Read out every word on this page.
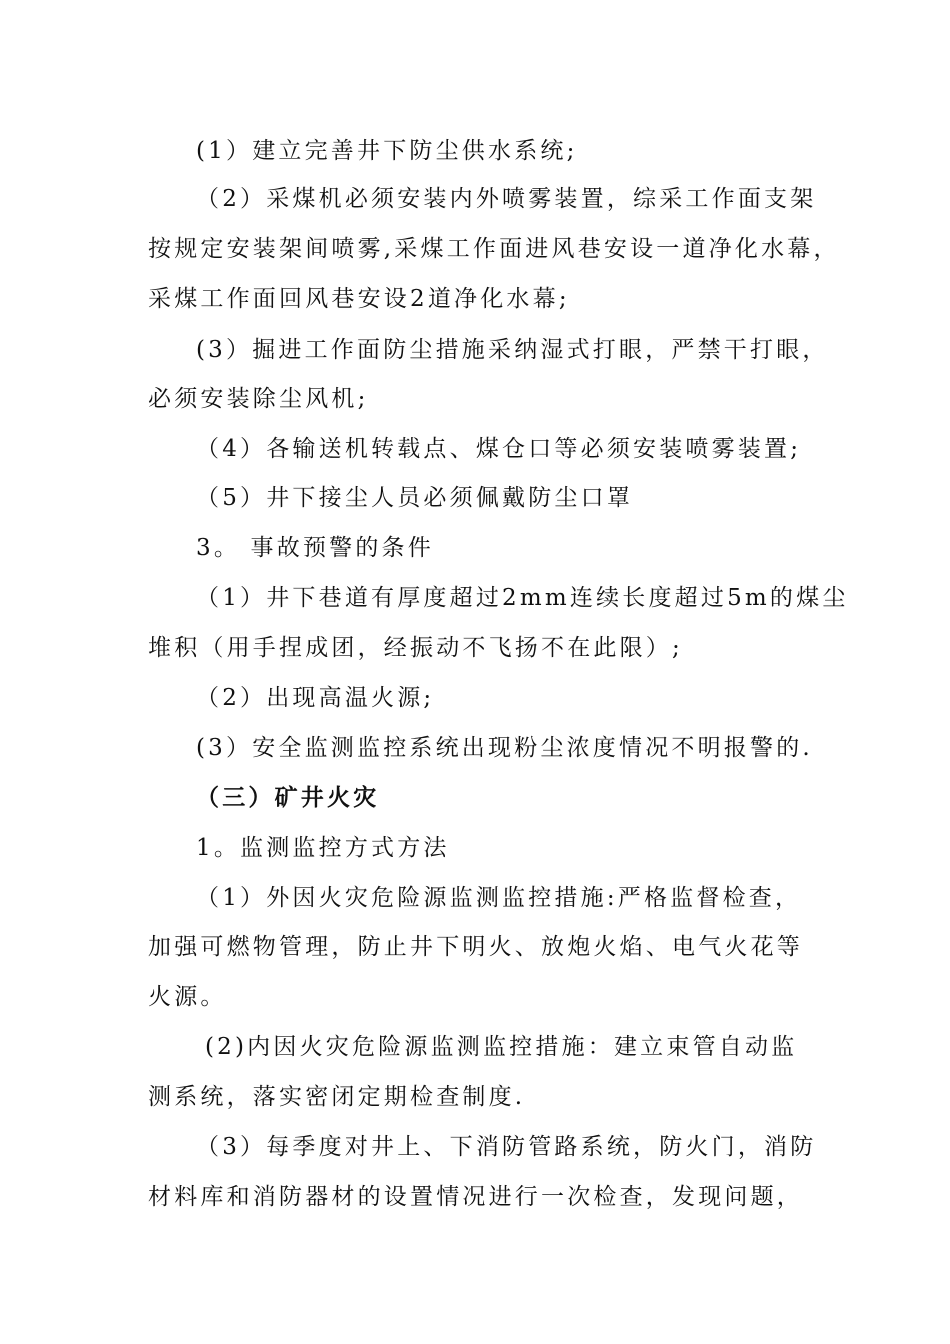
(1）建立完善井下防尘供水系统;
（2）采煤机必须安装内外喷雾装置，综采工作面支架
按规定安装架间喷雾,采煤工作面进风巷安设一道净化水幕，
采煤工作面回风巷安设2道净化水幕;
(3）掘进工作面防尘措施采纳湿式打眼，严禁干打眼，
必须安装除尘风机;
（4）各输送机转载点、煤仓口等必须安装喷雾装置;
（5）井下接尘人员必须佩戴防尘口罩
3。 事故预警的条件
（1）井下巷道有厚度超过2mm连续长度超过5m的煤尘
堆积（用手捏成团，经振动不飞扬不在此限）;
（2）出现高温火源;
(3）安全监测监控系统出现粉尘浓度情况不明报警的.
（三）矿井火灾
1。监测监控方式方法
（1）外因火灾危险源监测监控措施:严格监督检查，
加强可燃物管理，防止井下明火、放炮火焰、电气火花等
火源。
(2)内因火灾危险源监测监控措施：建立束管自动监
测系统，落实密闭定期检查制度.
（3）每季度对井上、下消防管路系统，防火门，消防
材料库和消防器材的设置情况进行一次检查，发现问题，
